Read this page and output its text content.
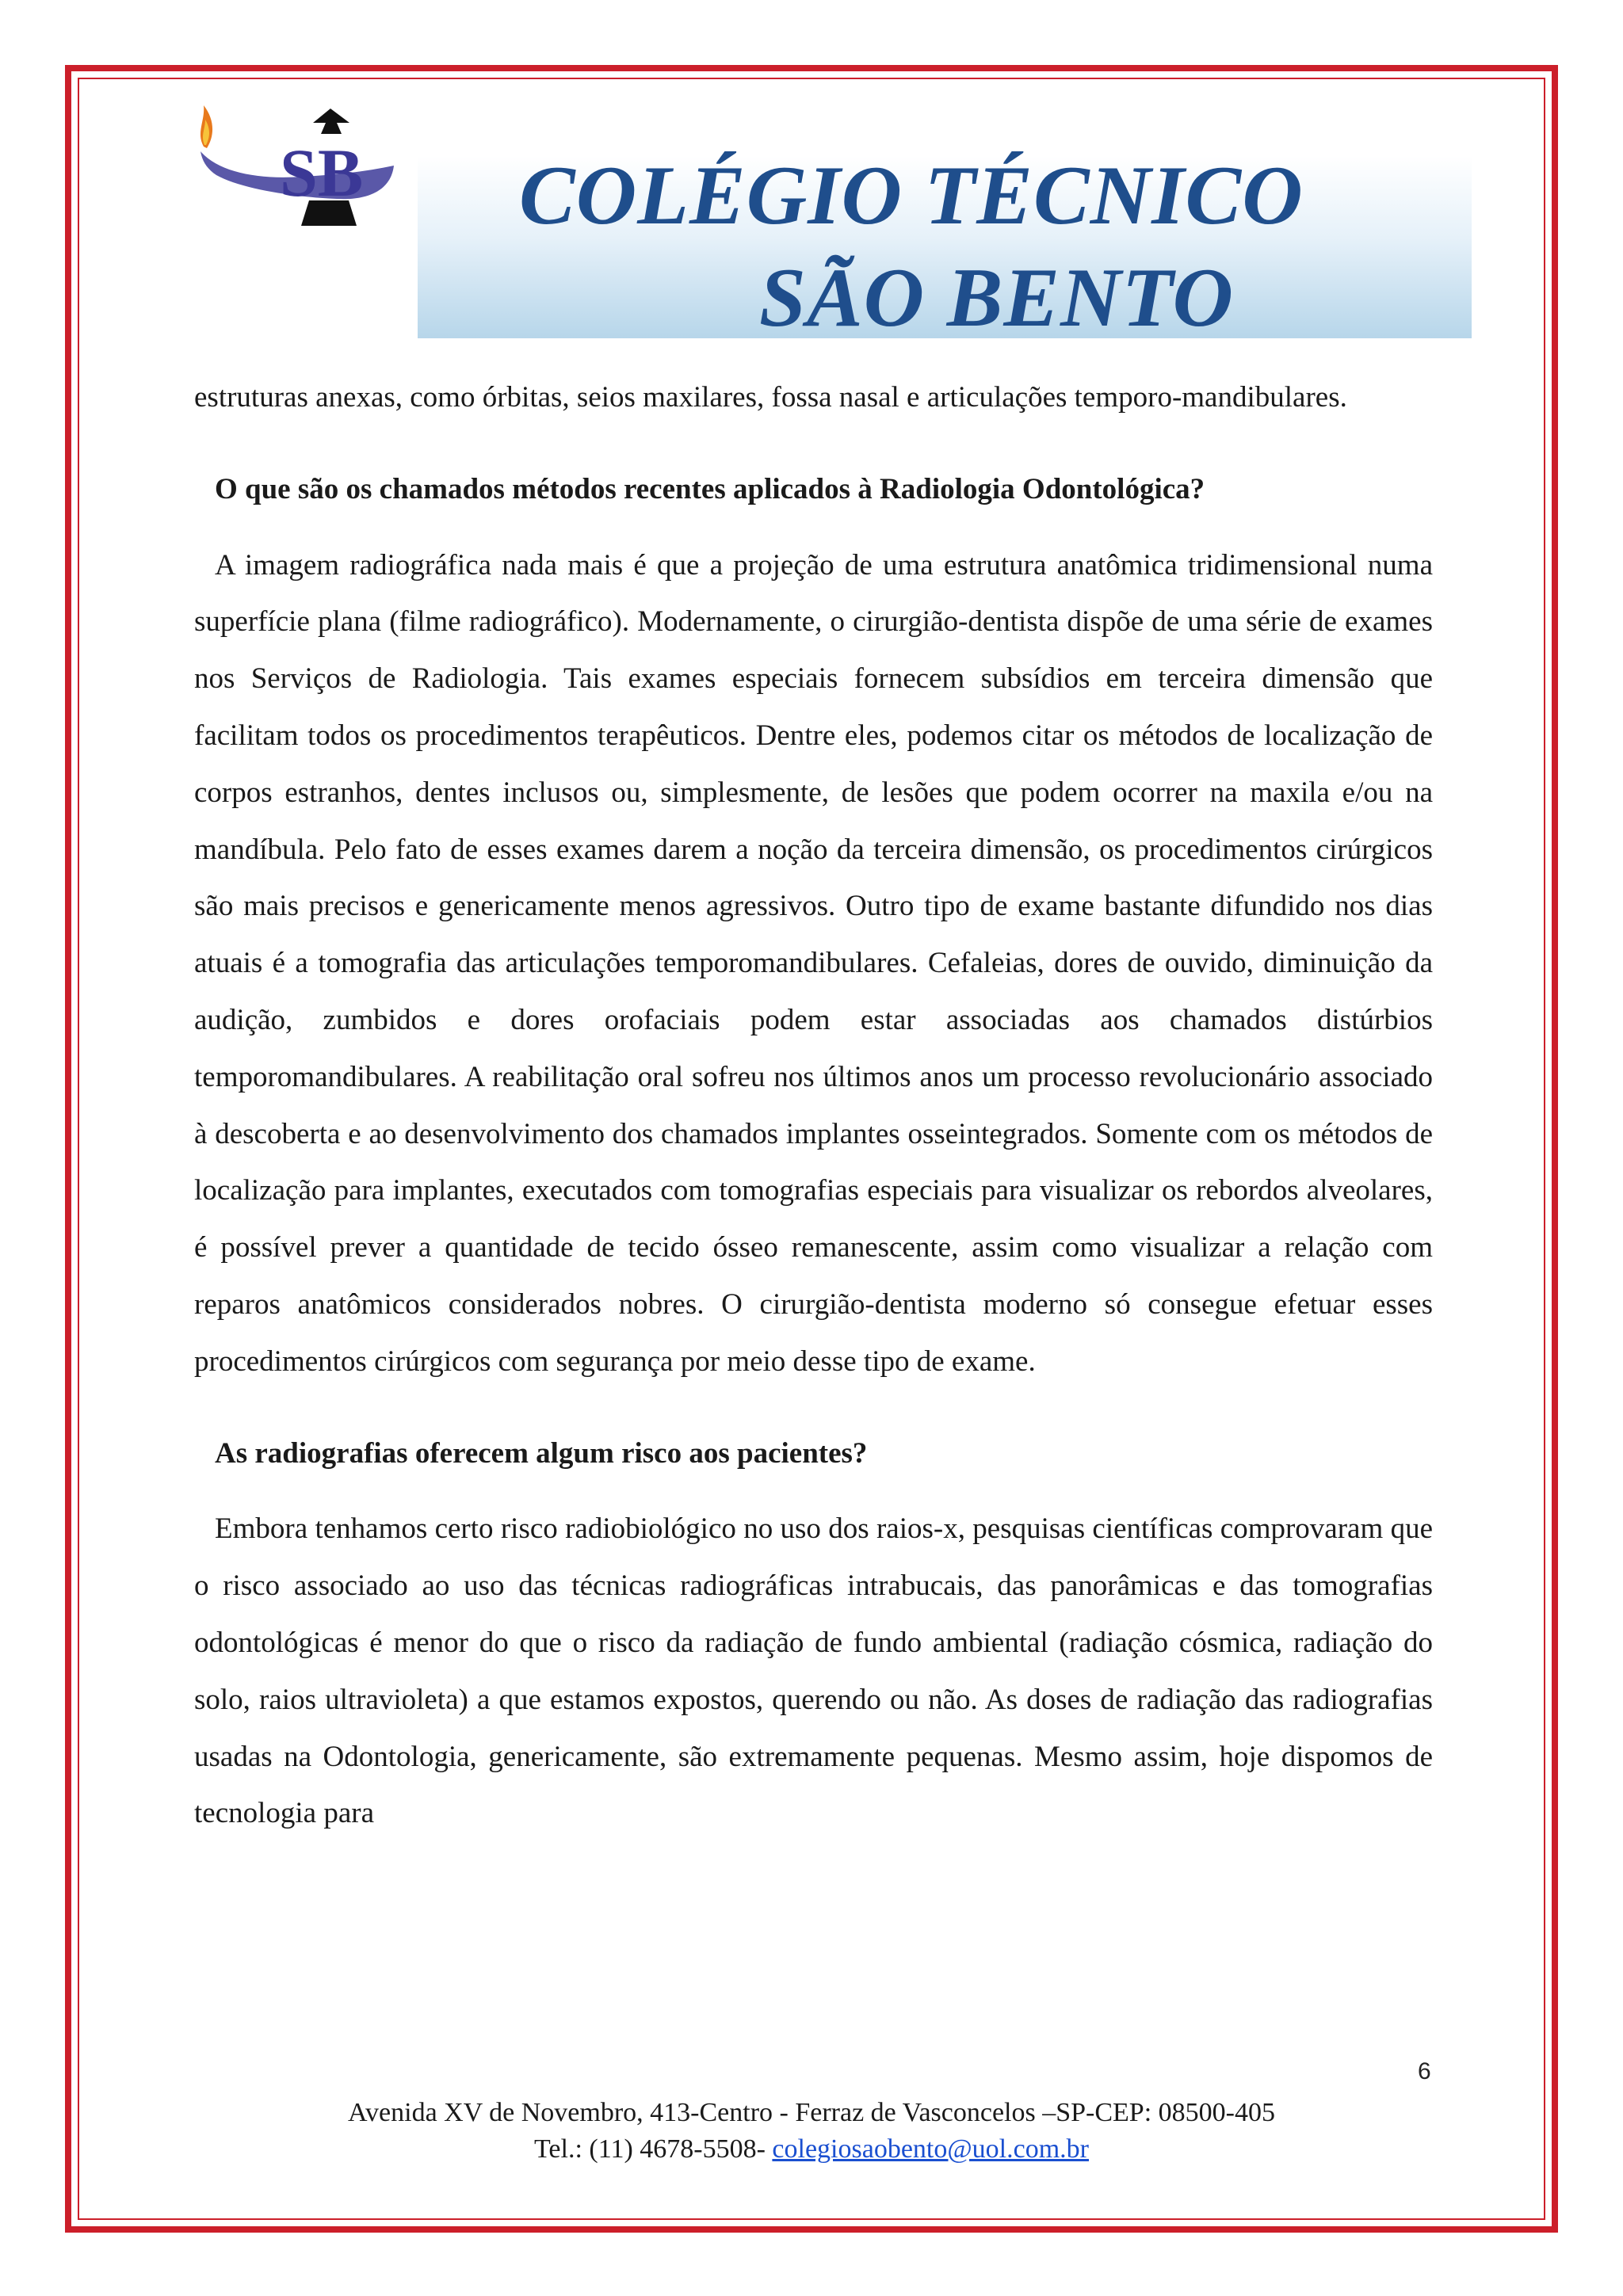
SB COLÉGIO TÉCNICO
SÃO BENTO

estruturas anexas, como órbitas, seios maxilares, fossa nasal e articulações temporo-mandibulares.

O que são os chamados métodos recentes aplicados à Radiologia Odontológica?

A imagem radiográfica nada mais é que a projeção de uma estrutura anatômica tridimensional numa superfície plana (filme radiográfico). Modernamente, o cirurgião-dentista dispõe de uma série de exames nos Serviços de Radiologia. Tais exames especiais fornecem subsídios em terceira dimensão que facilitam todos os procedimentos terapêuticos. Dentre eles, podemos citar os métodos de localização de corpos estranhos, dentes inclusos ou, simplesmente, de lesões que podem ocorrer na maxila e/ou na mandíbula. Pelo fato de esses exames darem a noção da terceira dimensão, os procedimentos cirúrgicos são mais precisos e genericamente menos agressivos. Outro tipo de exame bastante difundido nos dias atuais é a tomografia das articulações temporomandibulares. Cefaleias, dores de ouvido, diminuição da audição, zumbidos e dores orofaciais podem estar associadas aos chamados distúrbios temporomandibulares. A reabilitação oral sofreu nos últimos anos um processo revolucionário associado à descoberta e ao desenvolvimento dos chamados implantes osseintegrados. Somente com os métodos de localização para implantes, executados com tomografias especiais para visualizar os rebordos alveolares, é possível prever a quantidade de tecido ósseo remanescente, assim como visualizar a relação com reparos anatômicos considerados nobres. O cirurgião-dentista moderno só consegue efetuar esses procedimentos cirúrgicos com segurança por meio desse tipo de exame.

As radiografias oferecem algum risco aos pacientes?

Embora tenhamos certo risco radiobiológico no uso dos raios-x, pesquisas científicas comprovaram que o risco associado ao uso das técnicas radiográficas intrabucais, das panorâmicas e das tomografias odontológicas é menor do que o risco da radiação de fundo ambiental (radiação cósmica, radiação do solo, raios ultravioleta) a que estamos expostos, querendo ou não. As doses de radiação das radiografias usadas na Odontologia, genericamente, são extremamente pequenas. Mesmo assim, hoje dispomos de tecnologia para

6
Avenida XV de Novembro, 413-Centro - Ferraz de Vasconcelos –SP-CEP: 08500-405
Tel.: (11) 4678-5508- colegiosaobento@uol.com.br
